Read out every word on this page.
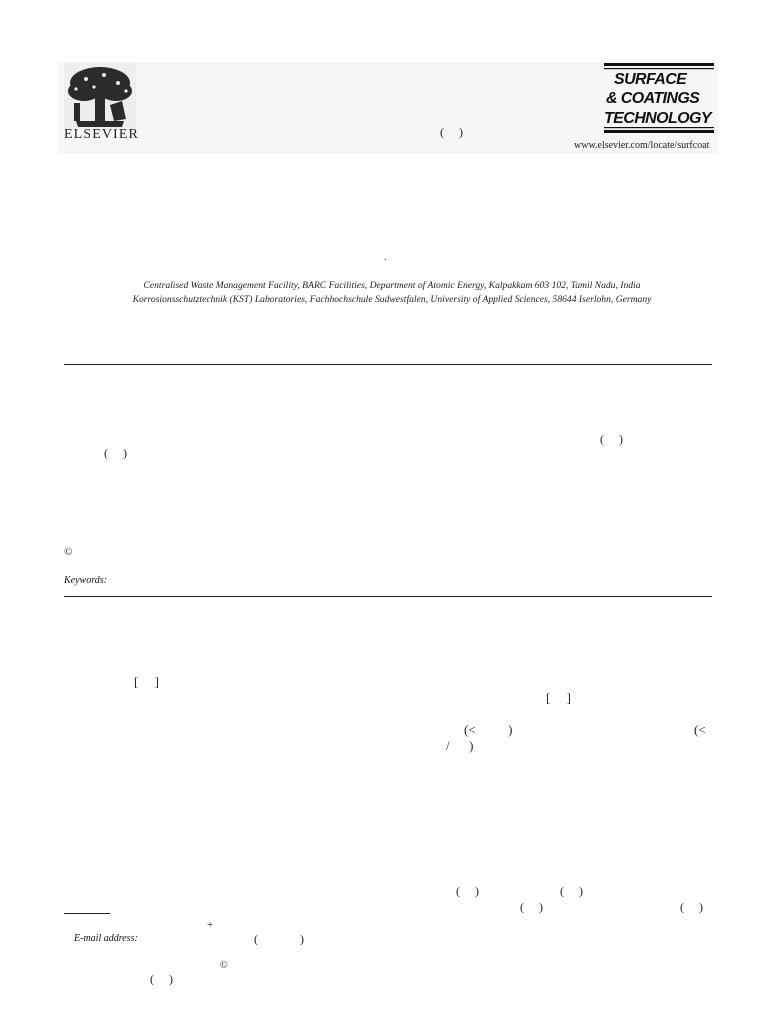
ELSEVIER	(     )
SURFACE
& COATINGS
TECHNOLOGY
www.elsevier.com/locate/surfcoat
.
Centralised Waste Management Facility, BARC Facilities, Department of Atomic Energy, Kalpakkam 603 102, Tamil Nadu, India
Korrosionsschutztechnik (KST) Laboratories, Fachhochschule Sudwestfalen, University of Applied Sciences, 58644 Iserlohn, Germany
(     )
(     )
©
Keywords:
[     ]
[     ]
(<          )	(<
/      )
(     )	(     )
(     )	(     )
+
E-mail address:	(              )
©
(     )
